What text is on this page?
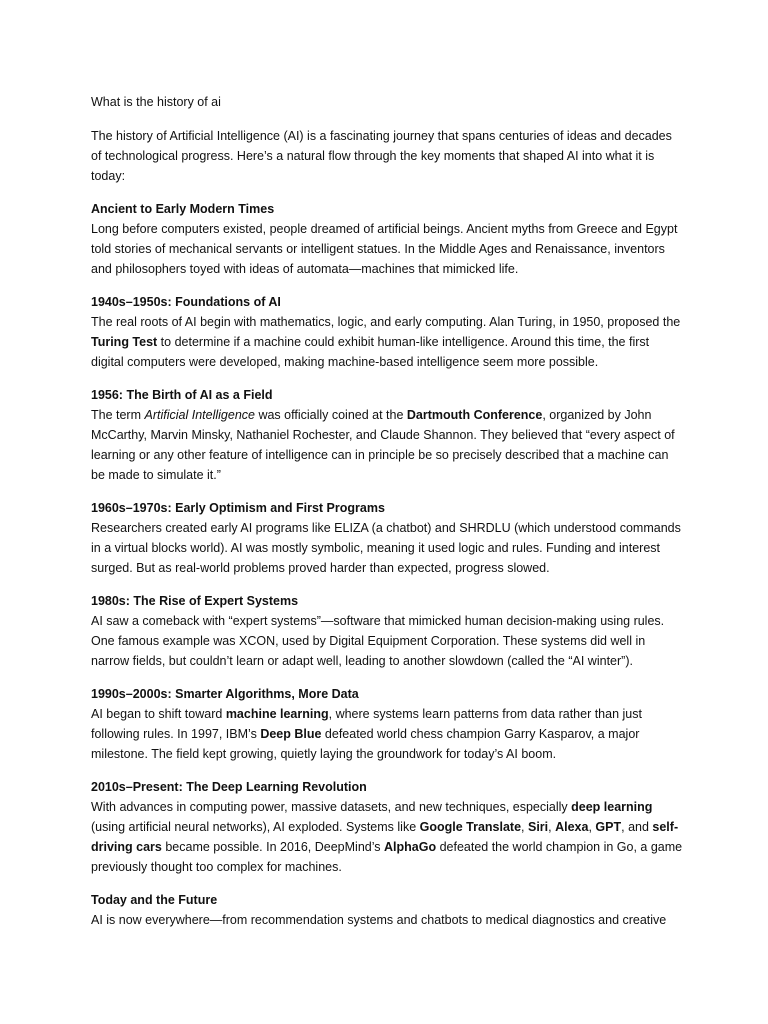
What is the history of ai

The history of Artificial Intelligence (AI) is a fascinating journey that spans centuries of ideas and decades of technological progress. Here’s a natural flow through the key moments that shaped AI into what it is today:

Ancient to Early Modern Times

Long before computers existed, people dreamed of artificial beings. Ancient myths from Greece and Egypt told stories of mechanical servants or intelligent statues. In the Middle Ages and Renaissance, inventors and philosophers toyed with ideas of automata—machines that mimicked life.

1940s–1950s: Foundations of AI

The real roots of AI begin with mathematics, logic, and early computing. Alan Turing, in 1950, proposed the Turing Test to determine if a machine could exhibit human-like intelligence. Around this time, the first digital computers were developed, making machine-based intelligence seem more possible.

1956: The Birth of AI as a Field

The term Artificial Intelligence was officially coined at the Dartmouth Conference, organized by John McCarthy, Marvin Minsky, Nathaniel Rochester, and Claude Shannon. They believed that “every aspect of learning or any other feature of intelligence can in principle be so precisely described that a machine can be made to simulate it.”

1960s–1970s: Early Optimism and First Programs

Researchers created early AI programs like ELIZA (a chatbot) and SHRDLU (which understood commands in a virtual blocks world). AI was mostly symbolic, meaning it used logic and rules. Funding and interest surged. But as real-world problems proved harder than expected, progress slowed.

1980s: The Rise of Expert Systems

AI saw a comeback with “expert systems”—software that mimicked human decision-making using rules. One famous example was XCON, used by Digital Equipment Corporation. These systems did well in narrow fields, but couldn’t learn or adapt well, leading to another slowdown (called the “AI winter”).

1990s–2000s: Smarter Algorithms, More Data

AI began to shift toward machine learning, where systems learn patterns from data rather than just following rules. In 1997, IBM’s Deep Blue defeated world chess champion Garry Kasparov, a major milestone. The field kept growing, quietly laying the groundwork for today’s AI boom.

2010s–Present: The Deep Learning Revolution

With advances in computing power, massive datasets, and new techniques, especially deep learning (using artificial neural networks), AI exploded. Systems like Google Translate, Siri, Alexa, GPT, and self-driving cars became possible. In 2016, DeepMind’s AlphaGo defeated the world champion in Go, a game previously thought too complex for machines.

Today and the Future

AI is now everywhere—from recommendation systems and chatbots to medical diagnostics and creative
